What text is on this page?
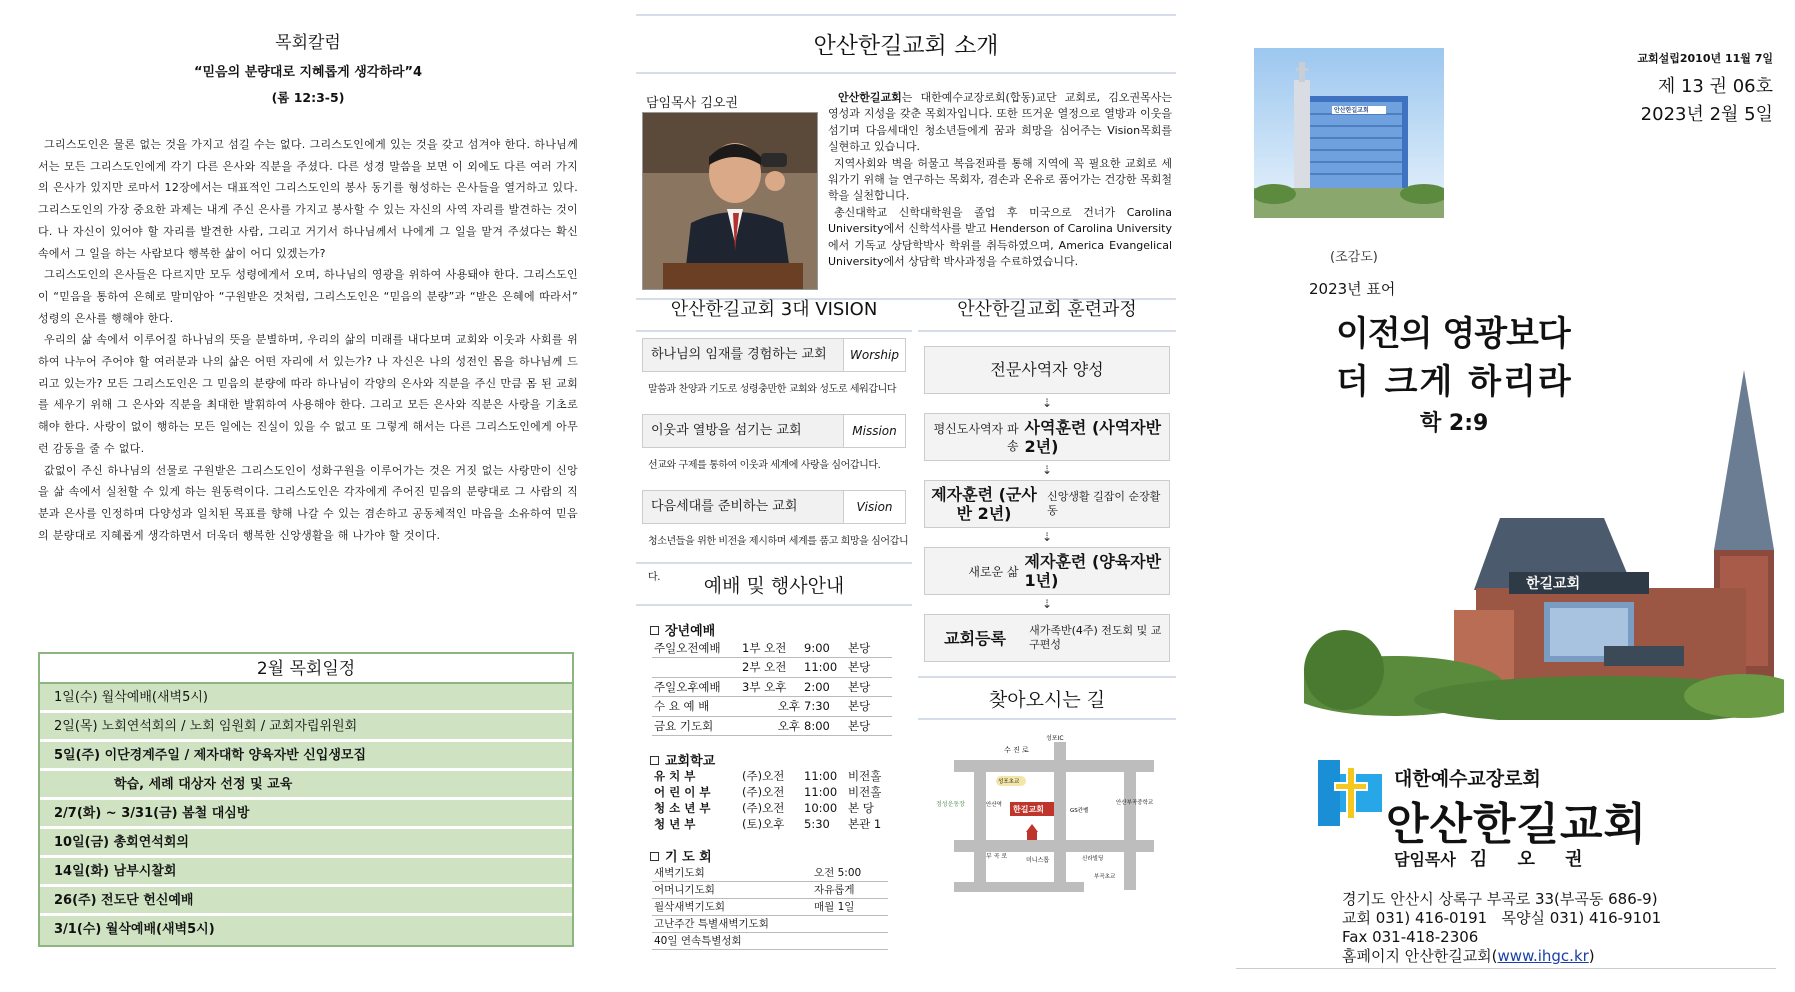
목회칼럼
“믿음의 분량대로 지혜롭게 생각하라”4
(롬 12:3-5)

그리스도인은 물론 없는 것을 가지고 섬길 수는 없다. 그리스도인에게 있는 것을 갖고 섬겨야 한다. 하나님께서는 모든 그리스도인에게 각기 다른 은사와 직분을 주셨다. 다른 성경 말씀을 보면 이 외에도 다른 여러 가지의 은사가 있지만 로마서 12장에서는 대표적인 그리스도인의 봉사 동기를 형성하는 은사들을 열거하고 있다. 그리스도인의 가장 중요한 과제는 내게 주신 은사를 가지고 봉사할 수 있는 자신의 사역 자리를 발견하는 것이다. 나 자신이 있어야 할 자리를 발견한 사람, 그리고 거기서 하나님께서 나에게 그 일을 맡겨 주셨다는 확신 속에서 그 일을 하는 사람보다 행복한 삶이 어디 있겠는가?

그리스도인의 은사들은 다르지만 모두 성령에게서 오며, 하나님의 영광을 위하여 사용돼야 한다. 그리스도인이 “믿음을 통하여 은혜로 말미암아 “구원받은 것처럼, 그리스도인은 “믿음의 분량”과 “받은 은혜에 따라서” 성령의 은사를 행해야 한다.

우리의 삶 속에서 이루어질 하나님의 뜻을 분별하며, 우리의 삶의 미래를 내다보며 교회와 이웃과 사회를 위하여 나누어 주어야 할 여러분과 나의 삶은 어떤 자리에 서 있는가? 나 자신은 나의 성전인 몸을 하나님께 드리고 있는가? 모든 그리스도인은 그 믿음의 분량에 따라 하나님이 각양의 은사와 직분을 주신 만큼 몸 된 교회를 세우기 위해 그 은사와 직분을 최대한 발휘하여 사용해야 한다. 그리고 모든 은사와 직분은 사랑을 기초로 해야 한다. 사랑이 없이 행하는 모든 일에는 진실이 있을 수 없고 또 그렇게 해서는 다른 그리스도인에게 아무런 감동을 줄 수 없다.

값없이 주신 하나님의 선물로 구원받은 그리스도인이 성화구원을 이루어가는 것은 거짓 없는 사랑만이 신앙을 삶 속에서 실천할 수 있게 하는 원동력이다. 그리스도인은 각자에게 주어진 믿음의 분량대로 그 사람의 직분과 은사를 인정하며 다양성과 일치된 목표를 향해 나갈 수 있는 겸손하고 공동체적인 마음을 소유하여 믿음의 분량대로 지혜롭게 생각하면서 더욱더 행복한 신앙생활을 해 나가야 할 것이다.

2월 목회일정
1일(수) 월삭예배(새벽5시)
2일(목) 노회연석회의 / 노회 임원회 / 교회자립위원회
5일(주) 이단경계주일 / 제자대학 양육자반 신입생모집
학습, 세례 대상자 선정 및 교육
2/7(화) ~ 3/31(금) 봄철 대심방
10일(금) 총회연석회의
14일(화) 남부시찰회
26(주) 전도단 헌신예배
3/1(수) 월삭예배(새벽5시)
안산한길교회 소개
담임목사 김오권	안산한길교회는 대한예수교장로회(합동)교단 교회로, 김오권목사는 영성과 지성을 갖춘 목회자입니다. 또한 뜨거운 열정으로 열방과 이웃을 섬기며 다음세대인 청소년들에게 꿈과 희망을 심어주는 Vision목회를 실현하고 있습니다.
지역사회와 벽을 허물고 복음전파를 통해 지역에 꼭 필요한 교회로 세워가기 위해 늘 연구하는 목회자, 겸손과 온유로 품어가는 건강한 목회철학을 실천합니다.
총신대학교 신학대학원을 졸업 후 미국으로 건너가 Carolina University에서 신학석사를 받고 Henderson of Carolina University에서 기독교 상담학박사 학위를 취득하였으며, America Evangelical University에서 상담학 박사과정을 수료하였습니다.
안산한길교회 3대 VISION
하나님의 임재를 경험하는 교회	Worship
말씀과 찬양과 기도로 성령충만한 교회와 성도로 세워갑니다
이웃과 열방을 섬기는 교회	Mission
선교와 구제를 통하여 이웃과 세계에 사랑을 심어갑니다.
다음세대를 준비하는 교회	Vision
청소년들을 위한 비전을 제시하며 세계를 품고 희망을 심어갑니다.	예배 및 행사안내
장년예배
주일오전예배	1부 오전	9:00	본당
	2부 오전	11:00	본당
주일오후예배	3부 오후	2:00	본당
수 요 예 배	오후	7:30	본당
금요 기도회	오후	8:00	본당
교회학교
유 치 부	(주)오전	11:00	비전홀
어 린 이 부	(주)오전	11:00	비전홀
청 소 년 부	(주)오전	10:00	본 당
청 년 부	(토)오후	5:30	본관 1
기 도 회
새벽기도회	오전 5:00
어머니기도회	자유롭게
월삭새벽기도회	매월 1일
고난주간 특별새벽기도회	
40일 연속특별성회	
안산한길교회 훈련과정
전문사역자 양성
⇣
평신도사역자 파송
사역훈련 (사역자반 2년)
⇣
제자훈련 (군사반 2년)
신앙생활 길잡이 순장활동
⇣
새로운 삶
제자훈련 (양육자반 1년)
⇣
교회등록	새가족반(4주) 전도회 및 교 구편성
찾아오시는 길
수 진 로
성포IC
성포초교
한길교회
정성운동장	안산역
부 곡 로
미니스톱
GS칸벨
신라빌딩
부곡초교
안산부곡중학교
교회설립2010년 11월 7일
제 13 권 06호
2023년 2월 5일
안산한길교회
(조감도)
2023년 표어
한길교회
이전의 영광보다
더 크게 하리라
학 2:9
대한예수교장로회
안산한길교회
담임목사 김 오 권
경기도 안산시 상록구 부곡로 33(부곡동 686-9)
교회 031) 416-0191   목양실 031) 416-9101
Fax 031-418-2306
홈페이지 안산한길교회(www.ihgc.kr)
